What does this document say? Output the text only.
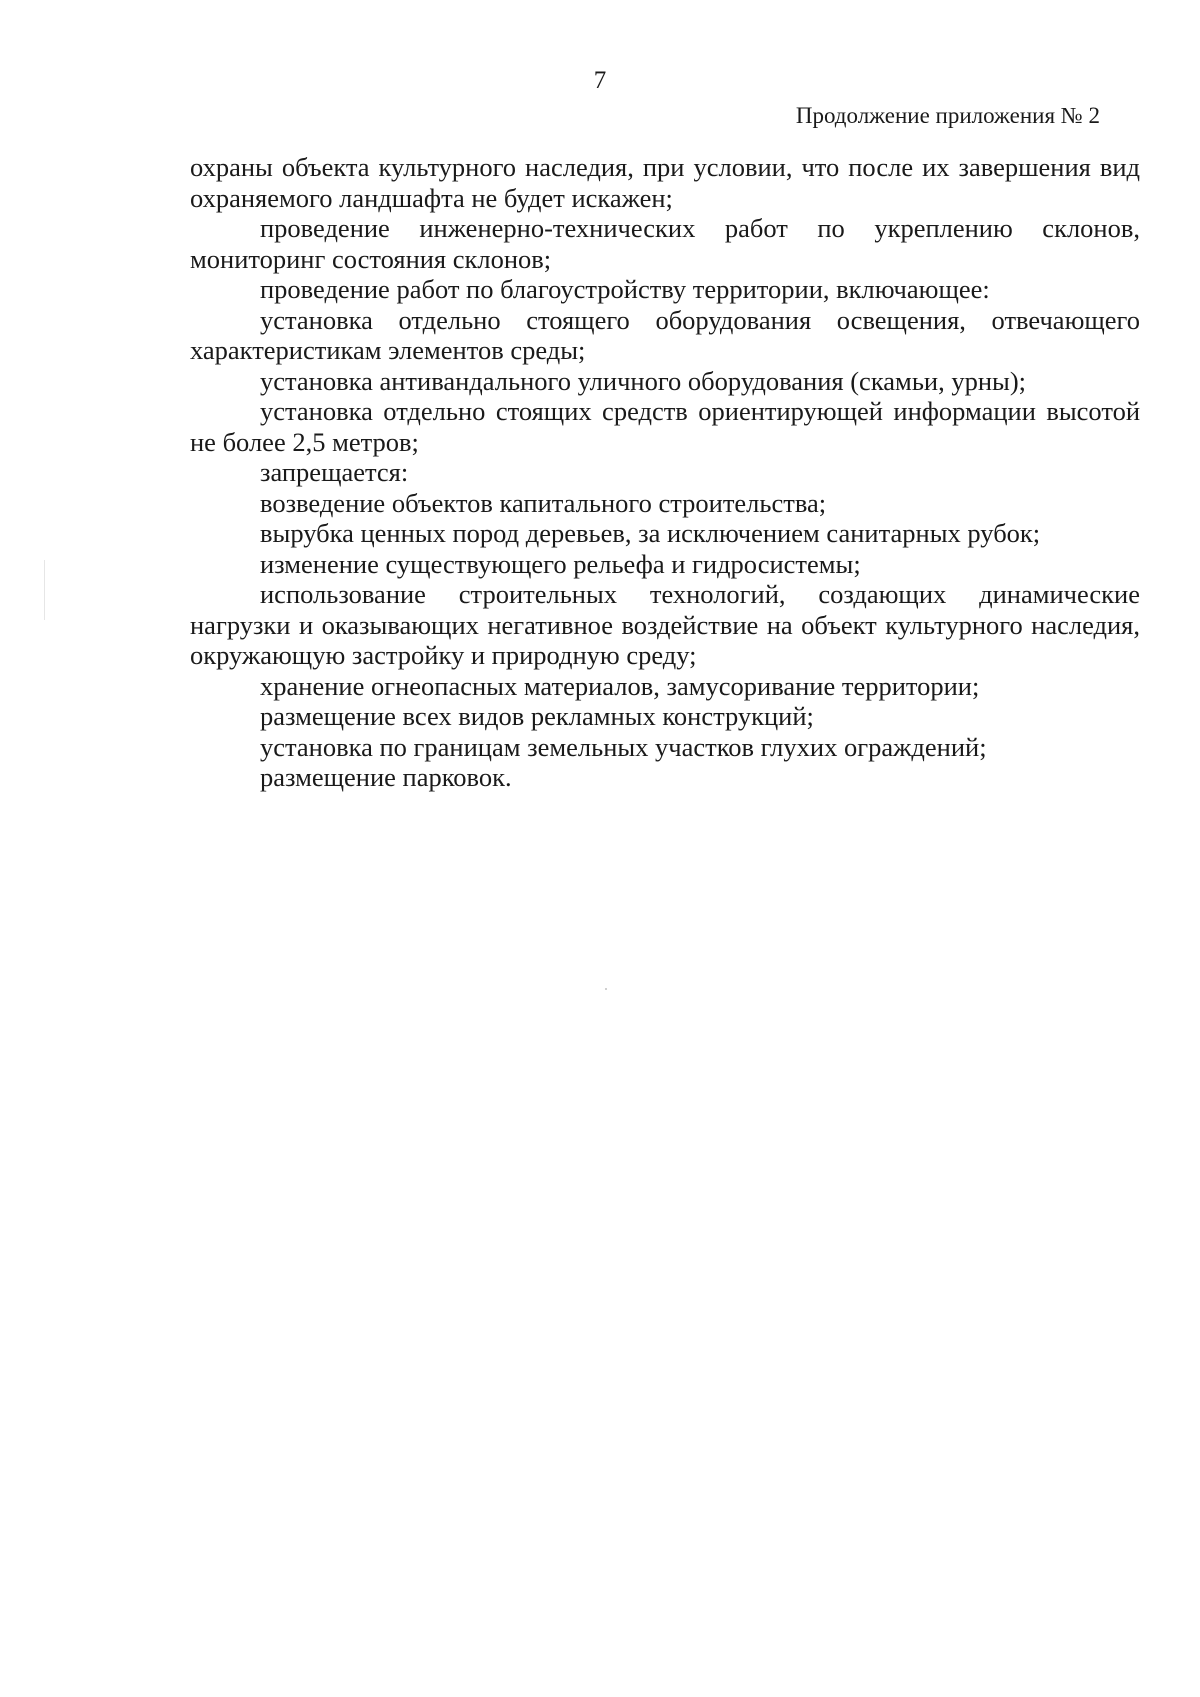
7
Продолжение приложения № 2

охраны объекта культурного наследия, при условии, что после их завершения вид охраняемого ландшафта не будет искажен;

проведение инженерно-технических работ по укреплению склонов, мониторинг состояния склонов;

проведение работ по благоустройству территории, включающее:

установка отдельно стоящего оборудования освещения, отвечающего характеристикам элементов среды;

установка антивандального уличного оборудования (скамьи, урны);

установка отдельно стоящих средств ориентирующей информации высотой не более 2,5 метров;

запрещается:

возведение объектов капитального строительства;

вырубка ценных пород деревьев, за исключением санитарных рубок;

изменение существующего рельефа и гидросистемы;

использование строительных технологий, создающих динамические нагрузки и оказывающих негативное воздействие на объект культурного наследия, окружающую застройку и природную среду;

хранение огнеопасных материалов, замусоривание территории;

размещение всех видов рекламных конструкций;

установка по границам земельных участков глухих ограждений;

размещение парковок.
